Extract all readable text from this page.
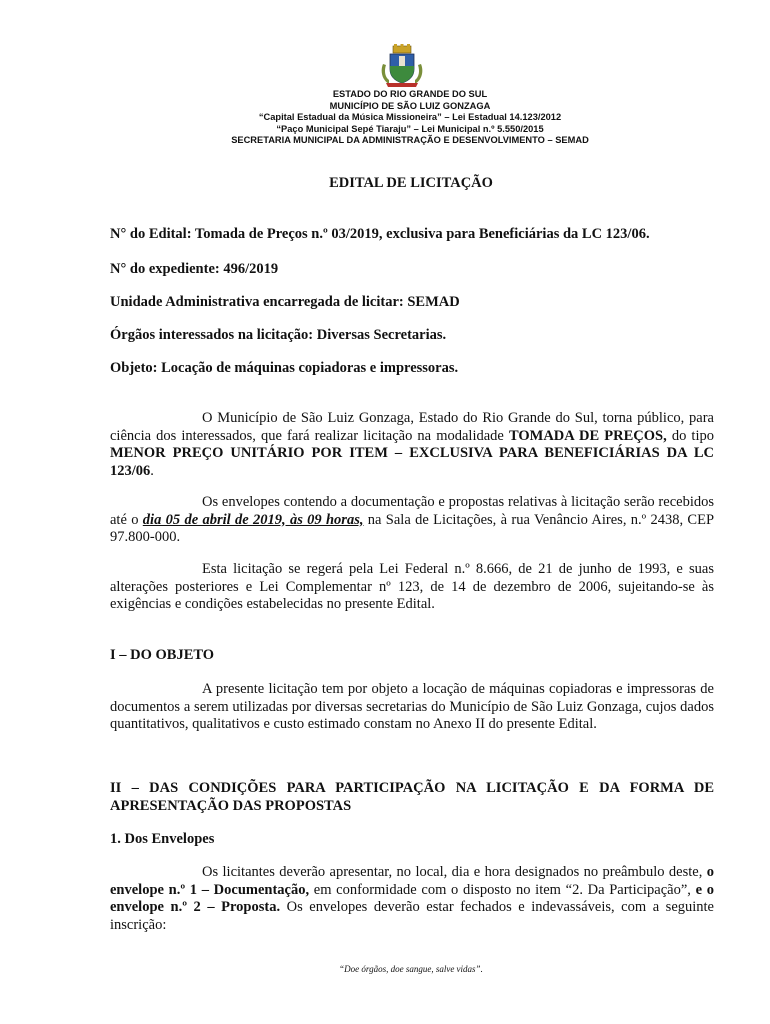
ESTADO DO RIO GRANDE DO SUL
MUNICÍPIO DE SÃO LUIZ GONZAGA
“Capital Estadual da Música Missioneira” – Lei Estadual 14.123/2012
“Paço Municipal Sepé Tiaraju” – Lei Municipal n.º 5.550/2015
SECRETARIA MUNICIPAL DA ADMINISTRAÇÃO E DESENVOLVIMENTO – SEMAD
EDITAL DE LICITAÇÃO
N° do Edital: Tomada de Preços n.º 03/2019, exclusiva para Beneficiárias da LC 123/06.
N° do expediente: 496/2019
Unidade Administrativa encarregada de licitar: SEMAD
Órgãos interessados na licitação: Diversas Secretarias.
Objeto: Locação de máquinas copiadoras e impressoras.
O Município de São Luiz Gonzaga, Estado do Rio Grande do Sul, torna público, para ciência dos interessados, que fará realizar licitação na modalidade TOMADA DE PREÇOS, do tipo MENOR PREÇO UNITÁRIO POR ITEM – EXCLUSIVA PARA BENEFICIÁRIAS DA LC 123/06.
Os envelopes contendo a documentação e propostas relativas à licitação serão recebidos até o dia 05 de abril de 2019, às 09 horas, na Sala de Licitações, à rua Venâncio Aires, n.º 2438, CEP 97.800-000.
Esta licitação se regerá pela Lei Federal n.º 8.666, de 21 de junho de 1993, e suas alterações posteriores e Lei Complementar nº 123, de 14 de dezembro de 2006, sujeitando-se às exigências e condições estabelecidas no presente Edital.
I – DO OBJETO
A presente licitação tem por objeto a locação de máquinas copiadoras e impressoras de documentos a serem utilizadas por diversas secretarias do Município de São Luiz Gonzaga, cujos dados quantitativos, qualitativos e custo estimado constam no Anexo II do presente Edital.
II – DAS CONDIÇÕES PARA PARTICIPAÇÃO NA LICITAÇÃO E DA FORMA DE APRESENTAÇÃO DAS PROPOSTAS
1. Dos Envelopes
Os licitantes deverão apresentar, no local, dia e hora designados no preâmbulo deste, o envelope n.º 1 – Documentação, em conformidade com o disposto no item “2. Da Participação”, e o envelope n.º 2 – Proposta. Os envelopes deverão estar fechados e indevassáveis, com a seguinte inscrição:
“Doe órgãos, doe sangue, salve vidas”.
